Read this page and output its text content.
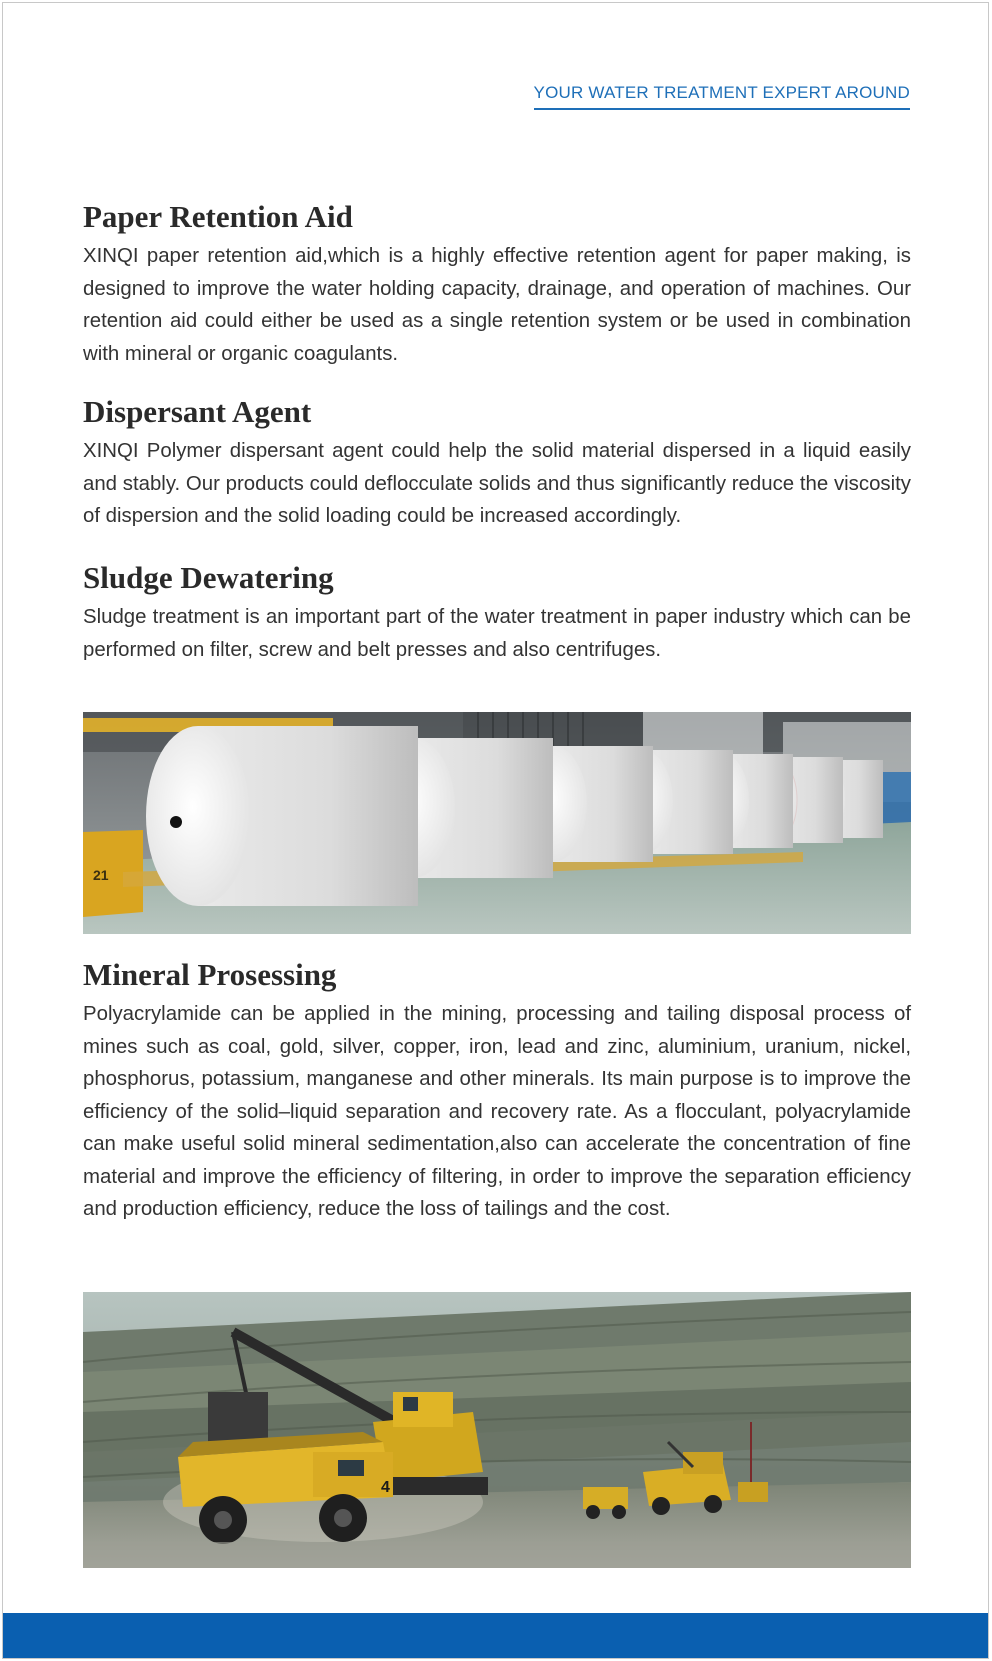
YOUR WATER TREATMENT EXPERT AROUND
Paper Retention Aid

XINQI paper retention aid,which is a highly effective retention agent for paper making, is designed to improve the water holding capacity, drainage, and operation of machines. Our retention aid could either be used as a single retention system or be used in combination with mineral or organic coagulants.

Dispersant Agent

XINQI Polymer dispersant agent could help the solid material dispersed in a liquid easily and stably. Our products could deflocculate solids and thus significantly reduce the viscosity of dispersion and the solid loading could be increased accordingly.

Sludge Dewatering

Sludge treatment is an important part of the water treatment in paper industry which can be performed on filter, screw and belt presses and also centrifuges.

21
Mineral Prosessing

Polyacrylamide can be applied in the mining, processing and tailing disposal process of mines such as coal, gold, silver, copper, iron, lead and zinc, aluminium, uranium, nickel, phosphorus, potassium, manganese and other minerals. Its main purpose is to improve the efficiency of the solid–liquid separation and recovery rate. As a flocculant, polyacrylamide can make useful solid mineral sedimentation,also can accelerate the concentration of fine material and improve the efficiency of filtering, in order to improve the separation efficiency and production efficiency, reduce the loss of tailings and the cost.

4
